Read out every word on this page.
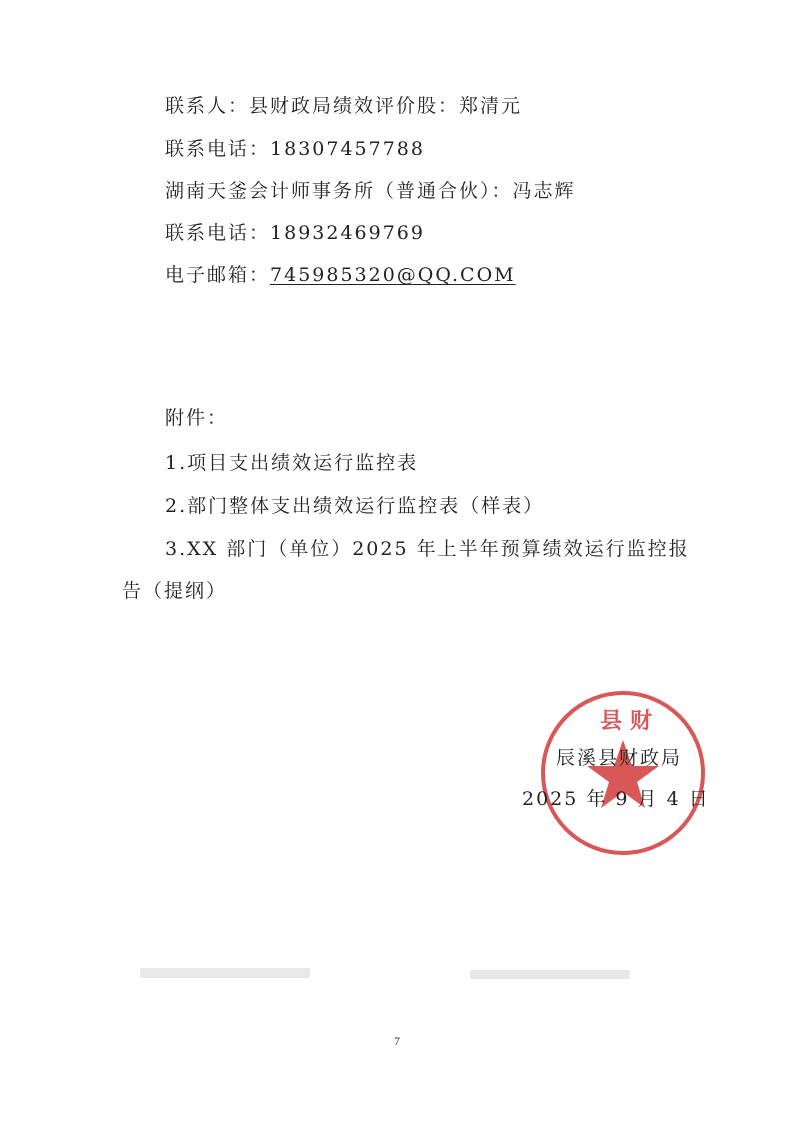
联系人：县财政局绩效评价股：郑清元
联系电话：18307457788
湖南天釜会计师事务所（普通合伙）：冯志辉
联系电话：18932469769
电子邮箱：745985320@QQ.COM
附件：
1.项目支出绩效运行监控表
2.部门整体支出绩效运行监控表（样表）
3.XX 部门（单位）2025 年上半年预算绩效运行监控报
告（提纲）
县 财
辰溪县财政局
2025 年 9 月 4 日
7
